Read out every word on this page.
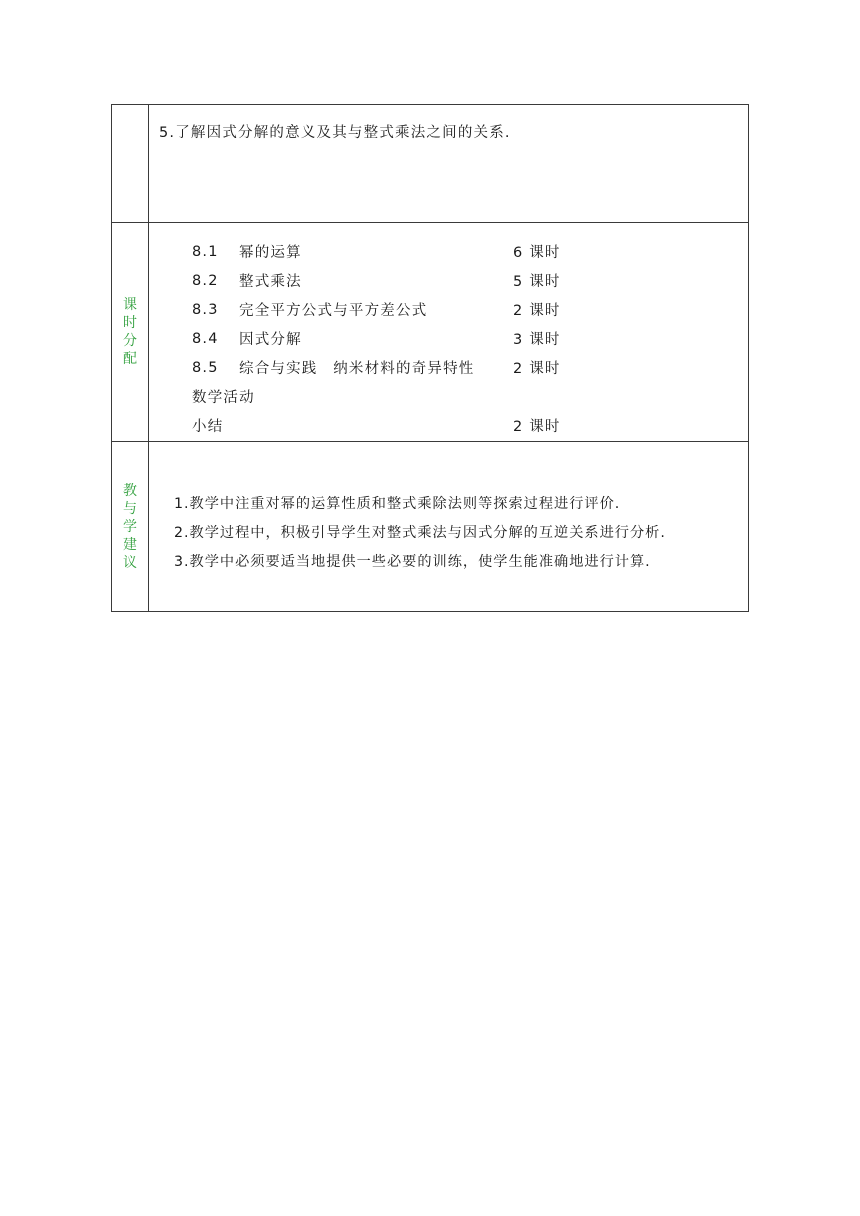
5.了解因式分解的意义及其与整式乘法之间的关系.
课
时
分
配
8.1	幂的运算	6 课时
8.2	整式乘法	5 课时
8.3	完全平方公式与平方差公式	2 课时
8.4	因式分解	3 课时
8.5	综合与实践　纳米材料的奇异特性	2 课时
数学活动
小结	2 课时
教
与
学
建
议
1.教学中注重对幂的运算性质和整式乘除法则等探索过程进行评价.
2.教学过程中，积极引导学生对整式乘法与因式分解的互逆关系进行分析.
3.教学中必须要适当地提供一些必要的训练，使学生能准确地进行计算.
